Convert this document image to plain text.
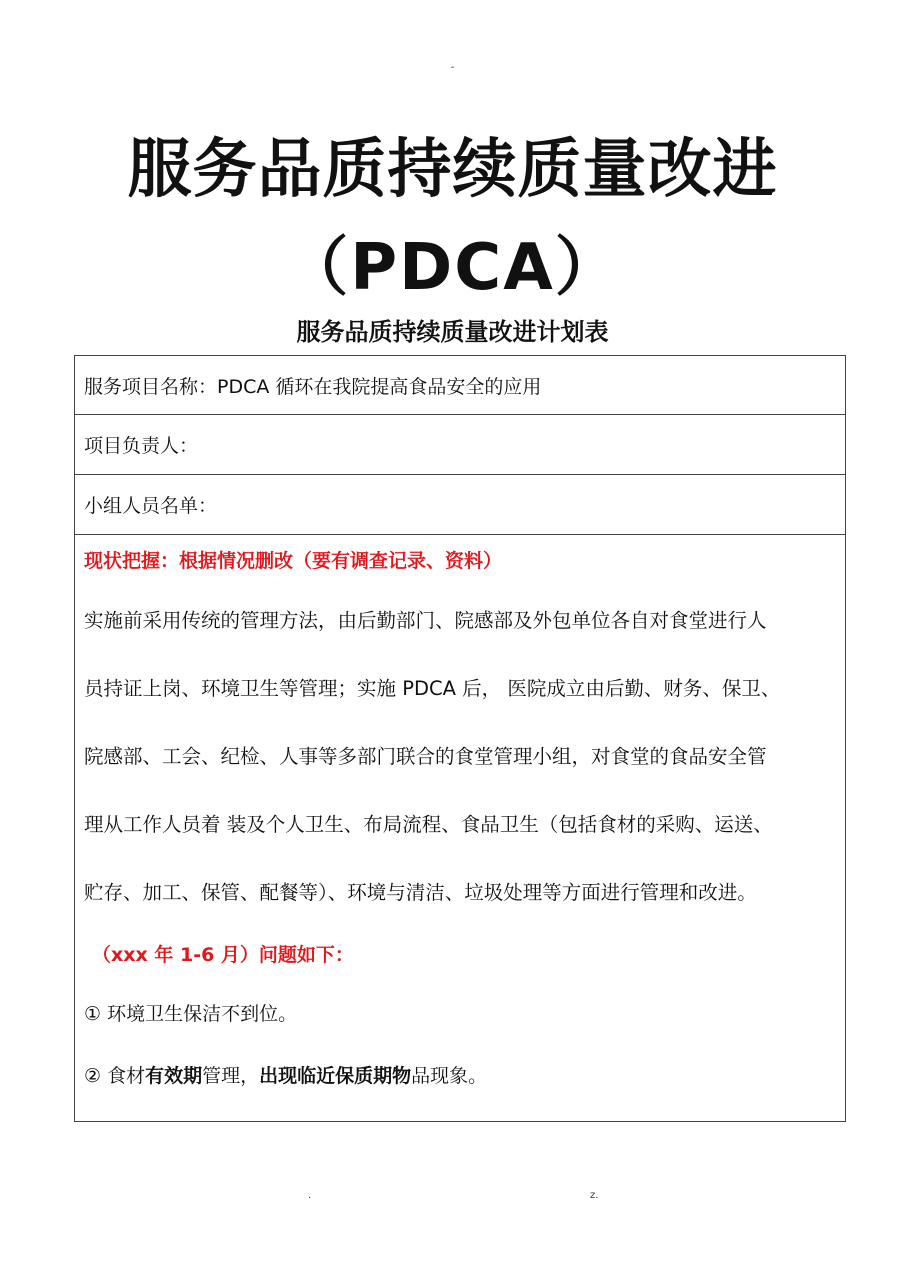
-
服务品质持续质量改进
（PDCA）
服务品质持续质量改进计划表
服务项目名称：PDCA 循环在我院提高食品安全的应用
项目负责人：
小组人员名单：
现状把握：根据情况删改（要有调查记录、资料）
实施前采用传统的管理方法，由后勤部门、院感部及外包单位各自对食堂进行人
员持证上岗、环境卫生等管理；实施 PDCA 后， 医院成立由后勤、财务、保卫、
院感部、工会、纪检、人事等多部门联合的食堂管理小组，对食堂的食品安全管
理从工作人员着 装及个人卫生、布局流程、食品卫生（包括食材的采购、运送、
贮存、加工、保管、配餐等）、环境与清洁、垃圾处理等方面进行管理和改进。
（xxx 年 1-6 月）问题如下：
① 环境卫生保洁不到位。
② 食材有效期管理，出现临近保质期物品现象。
.	z.
